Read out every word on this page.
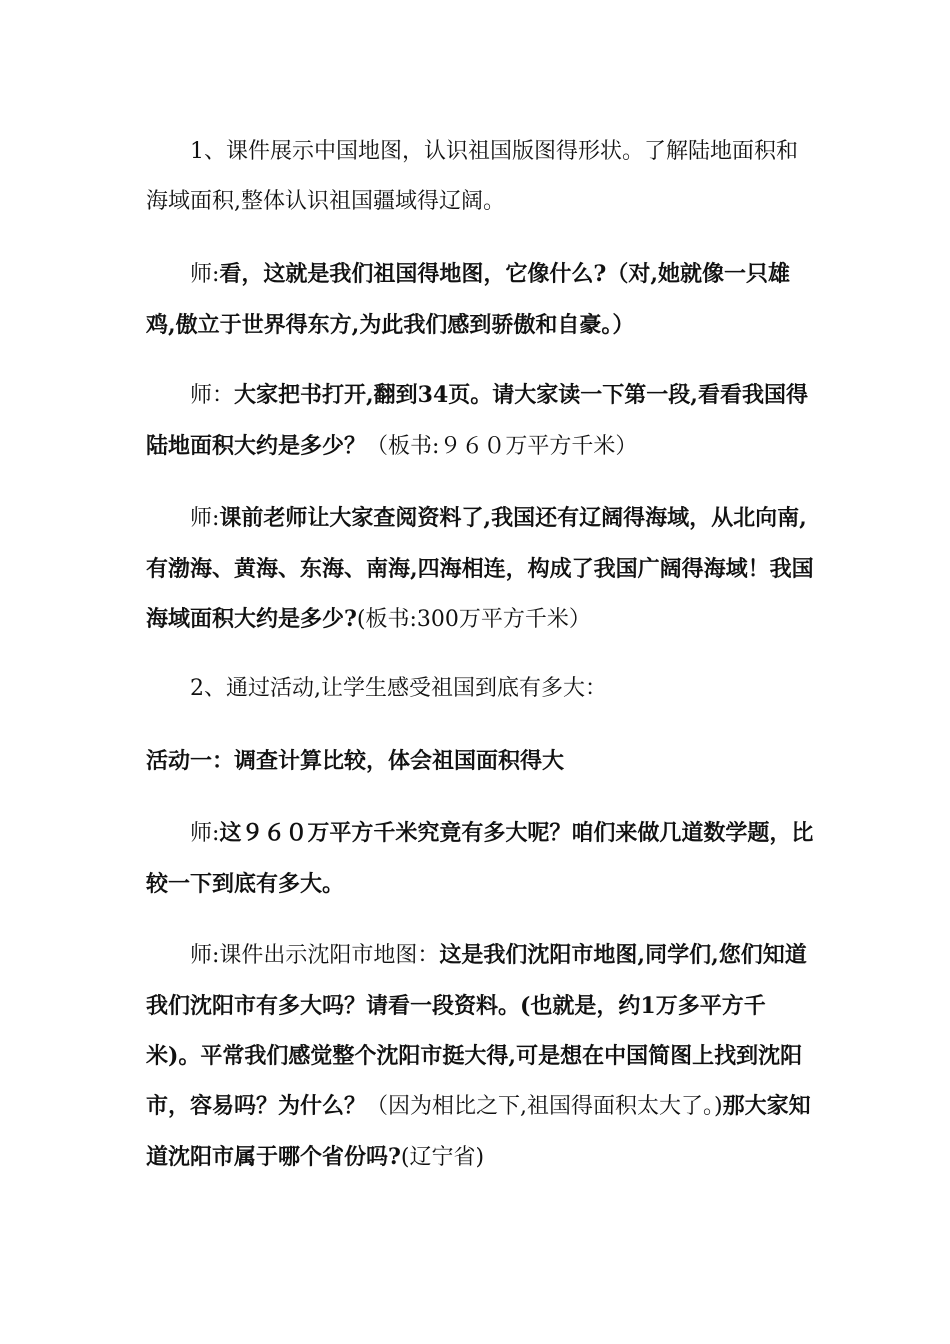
1、课件展示中国地图，认识祖国版图得形状。了解陆地面积和海域面积,整体认识祖国疆域得辽阔。

师:看，这就是我们祖国得地图，它像什么?（对,她就像一只雄鸡,傲立于世界得东方,为此我们感到骄傲和自豪。）

师：大家把书打开,翻到34页。请大家读一下第一段,看看我国得陆地面积大约是多少？（板书:９６０万平方千米）

师:课前老师让大家查阅资料了,我国还有辽阔得海域，从北向南,有渤海、黄海、东海、南海,四海相连，构成了我国广阔得海域！我国海域面积大约是多少?(板书:300万平方千米）

2、通过活动,让学生感受祖国到底有多大：

活动一：调查计算比较，体会祖国面积得大

师:这９６０万平方千米究竟有多大呢？咱们来做几道数学题，比较一下到底有多大。

师:课件出示沈阳市地图：这是我们沈阳市地图,同学们,您们知道我们沈阳市有多大吗？请看一段资料。(也就是，约1万多平方千米)。平常我们感觉整个沈阳市挺大得,可是想在中国简图上找到沈阳市，容易吗？为什么？（因为相比之下,祖国得面积太大了。)那大家知道沈阳市属于哪个省份吗?(辽宁省)
